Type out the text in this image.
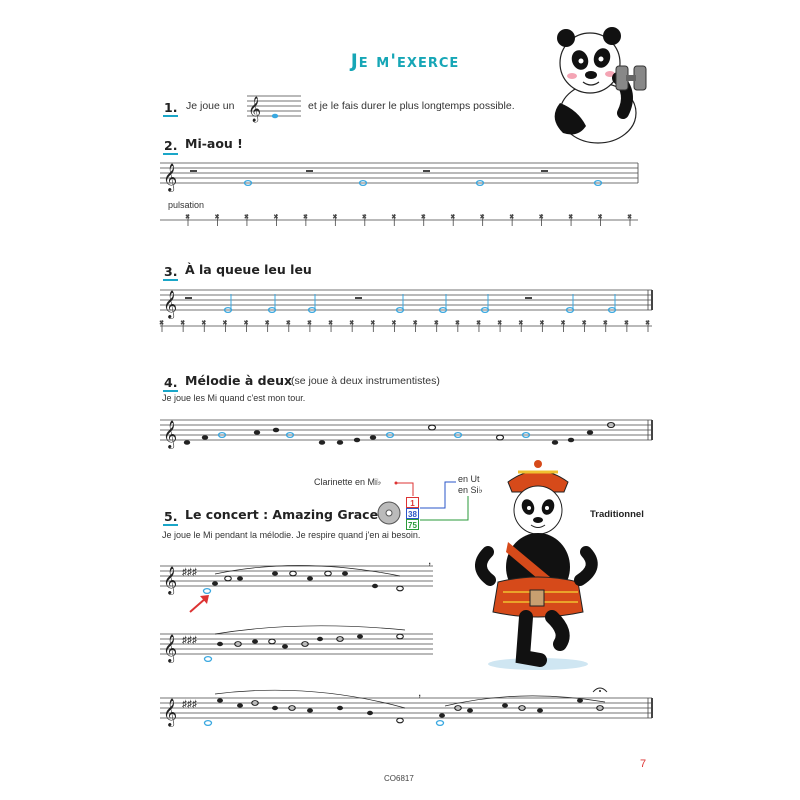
Je m'exerce
1. Je joue un 𝄞	et je le fais durer le plus longtemps possible.
2. Mi-aou !
𝄞
×	×	×	×	×	×	×	×	×	×	×	×	×	×	×	×
pulsation
3. À la queue leu leu
𝄞
× × × × × × × × × × × × × × × × × × × × × × × ×
4. Mélodie à deux
(se joue à deux instrumentistes)
Je joue les Mi quand c'est mon tour.
𝄞
Clarinette en Mi♭	en Ut
en Si♭
1
38
75
5. Le concert : Amazing Grace	Traditionnel
Je joue le Mi pendant la mélodie. Je respire quand j'en ai besoin.
𝄞 ♯♯♯
,
𝄞 ♯♯♯
𝄞 ♯♯♯
,
7
CO6817
